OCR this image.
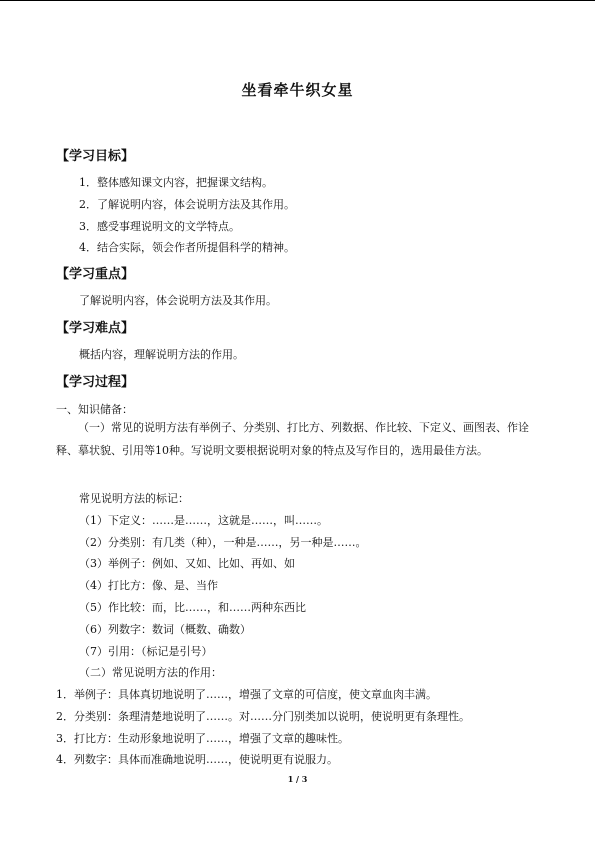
坐看牵牛织女星
【学习目标】
1．整体感知课文内容，把握课文结构。
2．了解说明内容，体会说明方法及其作用。
3．感受事理说明文的文学特点。
4．结合实际，领会作者所提倡科学的精神。
【学习重点】
了解说明内容，体会说明方法及其作用。
【学习难点】
概括内容，理解说明方法的作用。
【学习过程】
一、知识储备：
（一）常见的说明方法有举例子、分类别、打比方、列数据、作比较、下定义、画图表、作诠释、摹状貌、引用等10种。写说明文要根据说明对象的特点及写作目的，选用最佳方法。
常见说明方法的标记：
（1）下定义：……是……，这就是……，叫……。
（2）分类别：有几类（种），一种是……，另一种是……。
（3）举例子：例如、又如、比如、再如、如
（4）打比方：像、是、当作
（5）作比较：而，比……，和……两种东西比
（6）列数字：数词（概数、确数）
（7）引用：（标记是引号）
（二）常见说明方法的作用：
1．举例子：具体真切地说明了……，增强了文章的可信度，使文章血肉丰满。
2．分类别：条理清楚地说明了……。对……分门别类加以说明，使说明更有条理性。
3．打比方：生动形象地说明了……，增强了文章的趣味性。
4．列数字：具体而准确地说明……，使说明更有说服力。
1 / 3
